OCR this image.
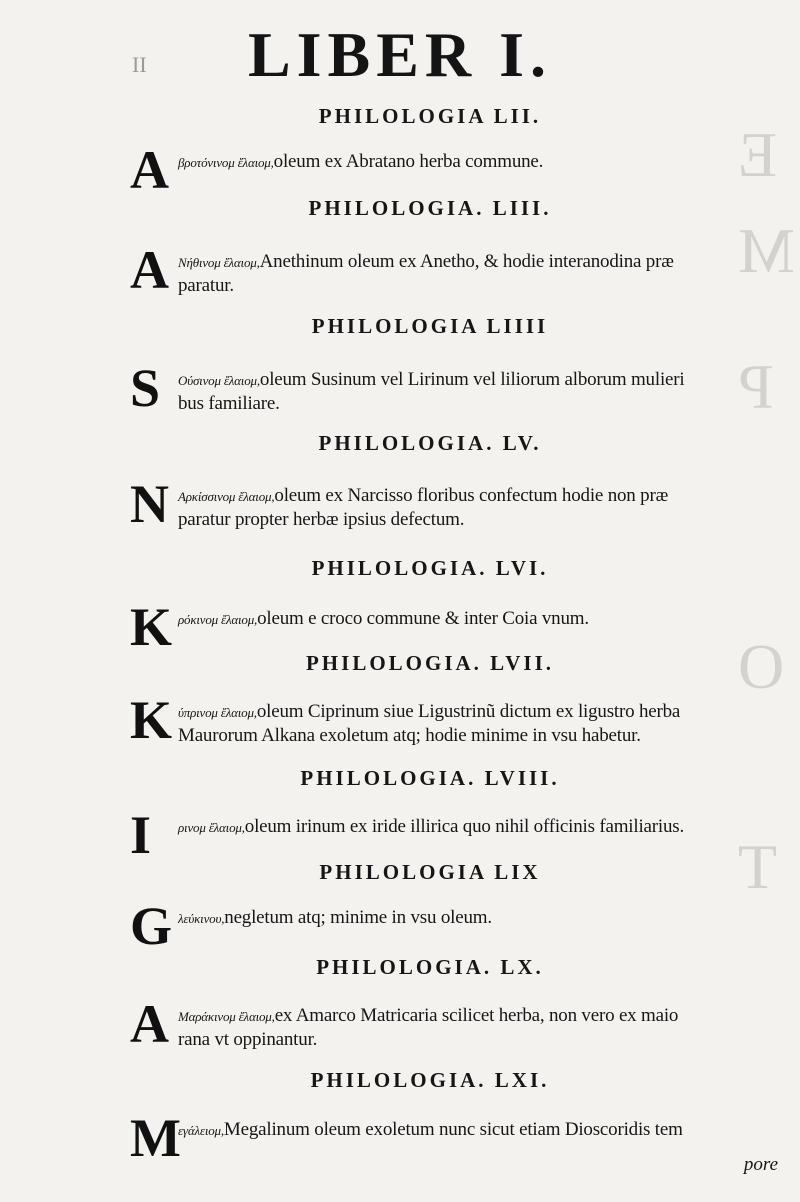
E
M
P
O
T
II	LIBER I.
PHILOLOGIA LII.
A βροτόνινομ ἔλαιομ,oleum ex Abratano herba commune.
PHILOLOGIA. LIII.
A Νήθινομ ἔλαιομ,Anethinum oleum ex Anetho, & hodie interanodina præ
paratur.
PHILOLOGIA LIIII
S Ούσινομ ἔλαιομ,oleum Susinum vel Lirinum vel liliorum alborum mulieri
bus familiare.
PHILOLOGIA. LV.
N Αρκίσσινομ ἔλαιομ,oleum ex Narcisso floribus confectum hodie non præ
paratur propter herbæ ipsius defectum.
PHILOLOGIA. LVI.
K ρόκινομ ἔλαιομ,oleum e croco commune & inter Coia vnum.
PHILOLOGIA. LVII.
K ύπρινομ ἔλαιομ,oleum Ciprinum siue Ligustrinũ dictum ex ligustro herba
Maurorum Alkana exoletum atq; hodie minime in vsu habetur.
PHILOLOGIA. LVIII.
I ρινομ ἔλαιομ,oleum irinum ex iride illirica quo nihil officinis familiarius.
PHILOLOGIA LIX
G λεύκινου,negletum atq; minime in vsu oleum.
PHILOLOGIA. LX.
A Μαράκινομ ἔλαιομ,ex Amarco Matricaria scilicet herba, non vero ex maio
rana vt oppinantur.
PHILOLOGIA. LXI.
M
εγάλειομ,Megalinum oleum exoletum nunc sicut etiam Dioscoridis tem
pore
